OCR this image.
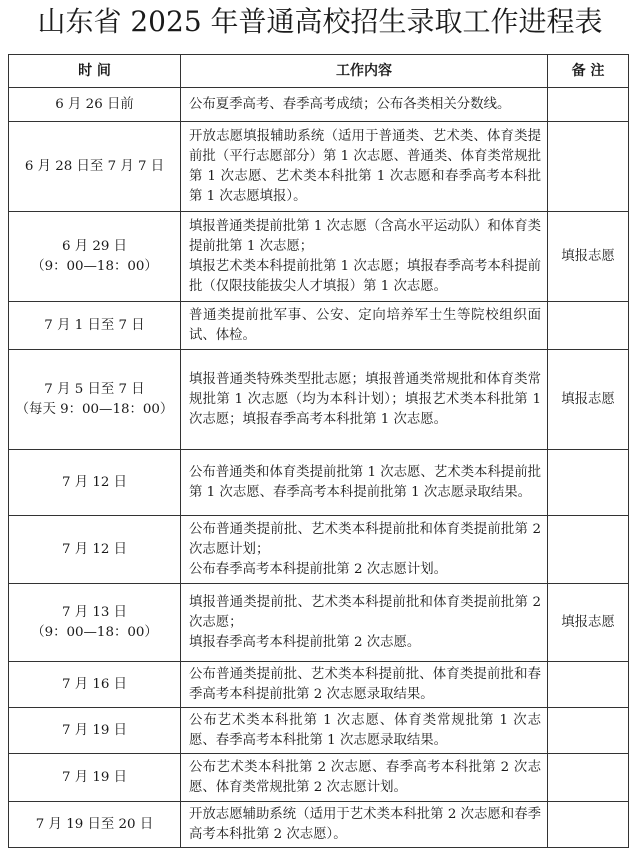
山东省 2025 年普通高校招生录取工作进程表
时 间	工作内容	备 注

6 月 26 日前	公布夏季高考、春季高考成绩；公布各类相关分数线。	

6 月 28 日至 7 月 7 日	开放志愿填报辅助系统（适用于普通类、艺术类、体育类提前批（平行志愿部分）第 1 次志愿、普通类、体育类常规批第 1 次志愿、艺术类本科批第 1 次志愿和春季高考本科批第 1 次志愿填报）。	

6 月 29 日
（9：00—18：00）	填报普通类提前批第 1 次志愿（含高水平运动队）和体育类提前批第 1 次志愿；
填报艺术类本科提前批第 1 次志愿；填报春季高考本科提前批（仅限技能拔尖人才填报）第 1 次志愿。	填报志愿

7 月 1 日至 7 日	普通类提前批军事、公安、定向培养军士生等院校组织面试、体检。	

7 月 5 日至 7 日
（每天 9：00—18：00）	填报普通类特殊类型批志愿；填报普通类常规批和体育类常规批第 1 次志愿（均为本科计划）；填报艺术类本科批第 1 次志愿；填报春季高考本科批第 1 次志愿。	填报志愿

7 月 12 日	公布普通类和体育类提前批第 1 次志愿、艺术类本科提前批第 1 次志愿、春季高考本科提前批第 1 次志愿录取结果。	

7 月 12 日	公布普通类提前批、艺术类本科提前批和体育类提前批第 2 次志愿计划；
公布春季高考本科提前批第 2 次志愿计划。	

7 月 13 日
（9：00—18：00）	填报普通类提前批、艺术类本科提前批和体育类提前批第 2 次志愿；
填报春季高考本科提前批第 2 次志愿。	填报志愿

7 月 16 日	公布普通类提前批、艺术类本科提前批、体育类提前批和春季高考本科提前批第 2 次志愿录取结果。	

7 月 19 日	公布艺术类本科批第 1 次志愿、体育类常规批第 1 次志愿、春季高考本科批第 1 次志愿录取结果。	

7 月 19 日	公布艺术类本科批第 2 次志愿、春季高考本科批第 2 次志愿、体育类常规批第 2 次志愿计划。	

7 月 19 日至 20 日	开放志愿辅助系统（适用于艺术类本科批第 2 次志愿和春季高考本科批第 2 次志愿）。	
